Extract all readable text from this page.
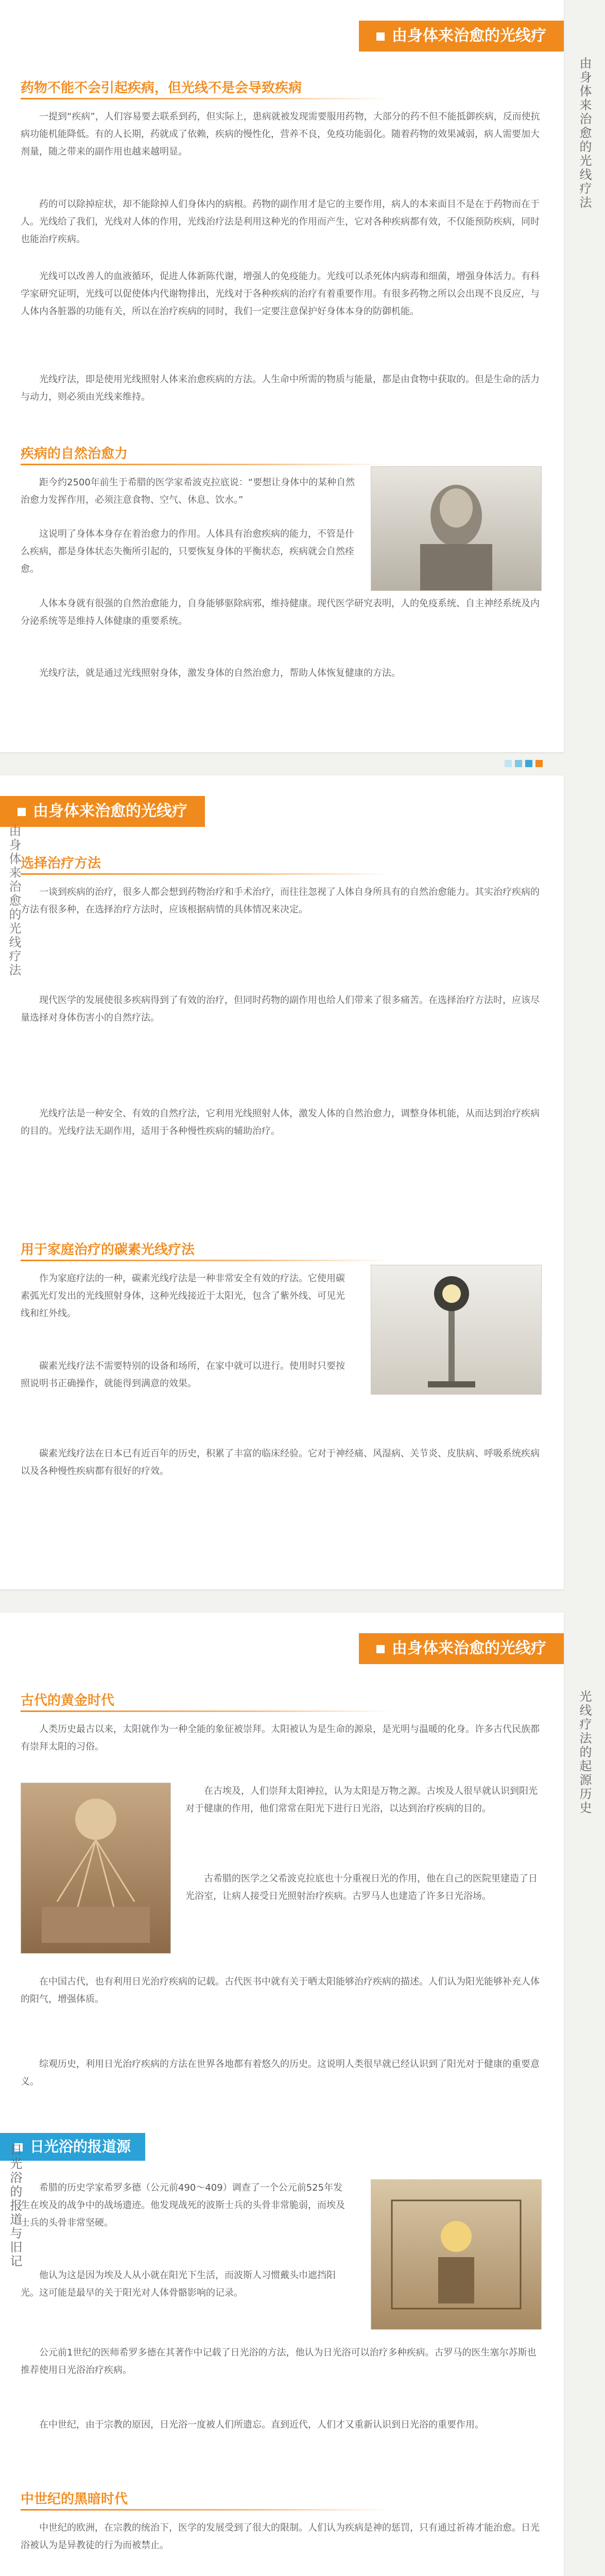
由身体来治愈的光线疗
药物不能不会引起疾病，但光线不是会导致疾病
一提到“疾病”，人们容易要去联系到药，但实际上，患病就被发现需要服用药物，大部分的药不但不能抵御疾病，反而使抗病功能机能降低。有的人长期，药就成了依赖，疾病的慢性化，营养不良，免疫功能弱化。随着药物的效果减弱，病人需要加大剂量，随之带来的副作用也越来越明显。
药的可以除掉症状，却不能除掉人们身体内的病根。药物的副作用才是它的主要作用，病人的本来面目不是在于药物而在于人。光线给了我们，光线对人体的作用，光线治疗法是利用这种光的作用而产生，它对各种疾病都有效，不仅能预防疾病，同时也能治疗疾病。
光线可以改善人的血液循环，促进人体新陈代谢，增强人的免疫能力。光线可以杀死体内病毒和细菌，增强身体活力。有科学家研究证明，光线可以促使体内代谢物排出，光线对于各种疾病的治疗有着重要作用。有很多药物之所以会出现不良反应，与人体内各脏器的功能有关，所以在治疗疾病的同时，我们一定要注意保护好身体本身的防御机能。
光线疗法，即是使用光线照射人体来治愈疾病的方法。人生命中所需的物质与能量，都是由食物中获取的。但是生命的活力与动力，则必须由光线来维持。
疾病的自然治愈力
距今约2500年前生于希腊的医学家希波克拉底说：“要想让身体中的某种自然治愈力发挥作用，必须注意食物、空气、休息、饮水。”
这说明了身体本身存在着治愈力的作用。人体具有治愈疾病的能力，不管是什么疾病，都是身体状态失衡所引起的，只要恢复身体的平衡状态，疾病就会自然痊愈。
人体本身就有很强的自然治愈能力，自身能够驱除病邪，维持健康。现代医学研究表明，人的免疫系统、自主神经系统及内分泌系统等是维持人体健康的重要系统。
光线疗法，就是通过光线照射身体，激发身体的自然治愈力，帮助人体恢复健康的方法。
由身体来治愈的光线疗法
由身体来治愈的光线疗
选择治疗方法
一谈到疾病的治疗，很多人都会想到药物治疗和手术治疗，而往往忽视了人体自身所具有的自然治愈能力。其实治疗疾病的方法有很多种，在选择治疗方法时，应该根据病情的具体情况来决定。
现代医学的发展使很多疾病得到了有效的治疗，但同时药物的副作用也给人们带来了很多痛苦。在选择治疗方法时，应该尽量选择对身体伤害小的自然疗法。
光线疗法是一种安全、有效的自然疗法，它利用光线照射人体，激发人体的自然治愈力，调整身体机能，从而达到治疗疾病的目的。光线疗法无副作用，适用于各种慢性疾病的辅助治疗。
用于家庭治疗的碳素光线疗法
作为家庭疗法的一种，碳素光线疗法是一种非常安全有效的疗法。它使用碳素弧光灯发出的光线照射身体，这种光线接近于太阳光，包含了紫外线、可见光线和红外线。
碳素光线疗法不需要特别的设备和场所，在家中就可以进行。使用时只要按照说明书正确操作，就能得到满意的效果。
碳素光线疗法在日本已有近百年的历史，积累了丰富的临床经验。它对于神经痛、风湿病、关节炎、皮肤病、呼吸系统疾病以及各种慢性疾病都有很好的疗效。
由身体来治愈的光线疗法
由身体来治愈的光线疗
古代的黄金时代
人类历史最古以来，太阳就作为一种全能的象征被崇拜。太阳被认为是生命的源泉，是光明与温暖的化身。许多古代民族都有崇拜太阳的习俗。
在古埃及，人们崇拜太阳神拉，认为太阳是万物之源。古埃及人很早就认识到阳光对于健康的作用，他们常常在阳光下进行日光浴，以达到治疗疾病的目的。
古希腊的医学之父希波克拉底也十分重视日光的作用，他在自己的医院里建造了日光浴室，让病人接受日光照射治疗疾病。古罗马人也建造了许多日光浴场。
在中国古代，也有利用日光治疗疾病的记载。古代医书中就有关于晒太阳能够治疗疾病的描述。人们认为阳光能够补充人体的阳气，增强体质。
综观历史，利用日光治疗疾病的方法在世界各地都有着悠久的历史。这说明人类很早就已经认识到了阳光对于健康的重要意义。
日光浴的报道源
希腊的历史学家希罗多德（公元前490～409）调查了一个公元前525年发生在埃及的战争中的战场遗迹。他发现战死的波斯士兵的头骨非常脆弱，而埃及士兵的头骨非常坚硬。
他认为这是因为埃及人从小就在阳光下生活，而波斯人习惯戴头巾遮挡阳光。这可能是最早的关于阳光对人体骨骼影响的记录。
公元前1世纪的医师希罗多德在其著作中记载了日光浴的方法，他认为日光浴可以治疗多种疾病。古罗马的医生塞尔苏斯也推荐使用日光浴治疗疾病。
在中世纪，由于宗教的原因，日光浴一度被人们所遗忘。直到近代，人们才又重新认识到日光浴的重要作用。
中世纪的黑暗时代
中世纪的欧洲，在宗教的统治下，医学的发展受到了很大的限制。人们认为疾病是神的惩罚，只有通过祈祷才能治愈。日光浴被认为是异教徒的行为而被禁止。
光线疗法的起源历史
日光浴的报道与旧记
